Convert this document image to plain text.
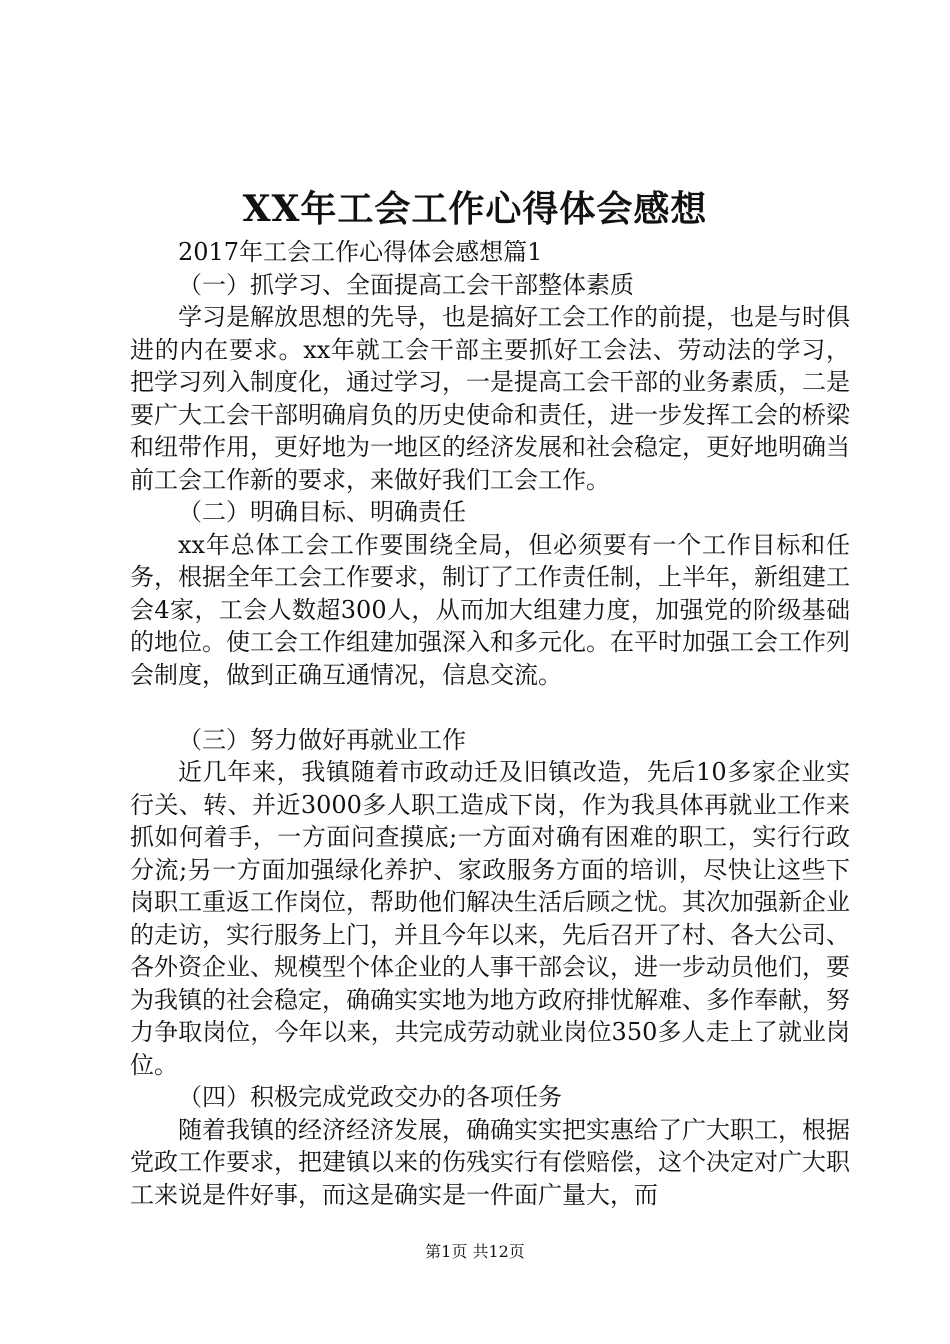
XX年工会工作心得体会感想

2017年工会工作心得体会感想篇1

（一）抓学习、全面提高工会干部整体素质

学习是解放思想的先导，也是搞好工会工作的前提，也是与时俱进的内在要求。xx年就工会干部主要抓好工会法、劳动法的学习，把学习列入制度化，通过学习，一是提高工会干部的业务素质，二是要广大工会干部明确肩负的历史使命和责任，进一步发挥工会的桥梁和纽带作用，更好地为一地区的经济发展和社会稳定，更好地明确当前工会工作新的要求，来做好我们工会工作。

（二）明确目标、明确责任

xx年总体工会工作要围绕全局，但必须要有一个工作目标和任务，根据全年工会工作要求，制订了工作责任制，上半年，新组建工会4家，工会人数超300人，从而加大组建力度，加强党的阶级基础的地位。使工会工作组建加强深入和多元化。在平时加强工会工作列会制度，做到正确互通情况，信息交流。

（三）努力做好再就业工作

近几年来，我镇随着市政动迁及旧镇改造，先后10多家企业实行关、转、并近3000多人职工造成下岗，作为我具体再就业工作来抓如何着手，一方面问查摸底;一方面对确有困难的职工，实行行政分流;另一方面加强绿化养护、家政服务方面的培训，尽快让这些下岗职工重返工作岗位，帮助他们解决生活后顾之忧。其次加强新企业的走访，实行服务上门，并且今年以来，先后召开了村、各大公司、各外资企业、规模型个体企业的人事干部会议，进一步动员他们，要为我镇的社会稳定，确确实实地为地方政府排忧解难、多作奉献，努力争取岗位，今年以来，共完成劳动就业岗位350多人走上了就业岗位。

（四）积极完成党政交办的各项任务

随着我镇的经济经济发展，确确实实把实惠给了广大职工，根据党政工作要求，把建镇以来的伤残实行有偿赔偿，这个决定对广大职工来说是件好事，而这是确实是一件面广量大，而

第1页 共12页
